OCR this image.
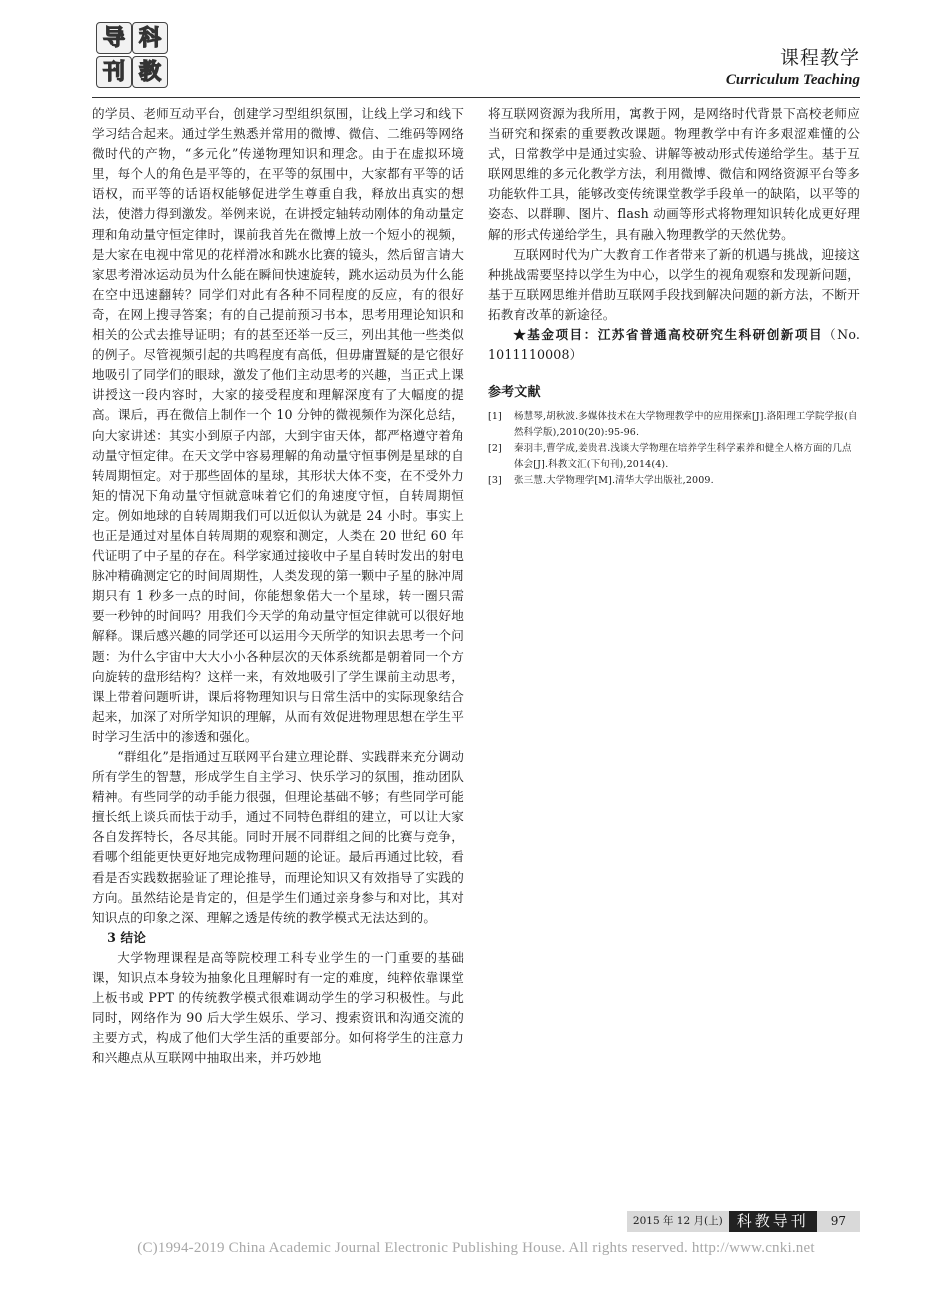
导 科
刊 教
课程教学
Curriculum Teaching

的学员、老师互动平台，创建学习型组织氛围，让线上学习和线下学习结合起来。通过学生熟悉并常用的微博、微信、二维码等网络微时代的产物，“多元化”传递物理知识和理念。由于在虚拟环境里，每个人的角色是平等的，在平等的氛围中，大家都有平等的话语权，而平等的话语权能够促进学生尊重自我，释放出真实的想法，使潜力得到激发。举例来说，在讲授定轴转动刚体的角动量定理和角动量守恒定律时，课前我首先在微博上放一个短小的视频，是大家在电视中常见的花样滑冰和跳水比赛的镜头，然后留言请大家思考滑冰运动员为什么能在瞬间快速旋转，跳水运动员为什么能在空中迅速翻转？同学们对此有各种不同程度的反应，有的很好奇，在网上搜寻答案；有的自己提前预习书本，思考用理论知识和相关的公式去推导证明；有的甚至还举一反三，列出其他一些类似的例子。尽管视频引起的共鸣程度有高低，但毋庸置疑的是它很好地吸引了同学们的眼球，激发了他们主动思考的兴趣，当正式上课讲授这一段内容时，大家的接受程度和理解深度有了大幅度的提高。课后，再在微信上制作一个 10 分钟的微视频作为深化总结，向大家讲述：其实小到原子内部，大到宇宙天体，都严格遵守着角动量守恒定律。在天文学中容易理解的角动量守恒事例是星球的自转周期恒定。对于那些固体的星球，其形状大体不变，在不受外力矩的情况下角动量守恒就意味着它们的角速度守恒，自转周期恒定。例如地球的自转周期我们可以近似认为就是 24 小时。事实上也正是通过对星体自转周期的观察和测定，人类在 20 世纪 60 年代证明了中子星的存在。科学家通过接收中子星自转时发出的射电脉冲精确测定它的时间周期性，人类发现的第一颗中子星的脉冲周期只有 1 秒多一点的时间，你能想象偌大一个星球，转一圈只需要一秒钟的时间吗？用我们今天学的角动量守恒定律就可以很好地解释。课后感兴趣的同学还可以运用今天所学的知识去思考一个问题：为什么宇宙中大大小小各种层次的天体系统都是朝着同一个方向旋转的盘形结构？这样一来，有效地吸引了学生课前主动思考，课上带着问题听讲，课后将物理知识与日常生活中的实际现象结合起来，加深了对所学知识的理解，从而有效促进物理思想在学生平时学习生活中的渗透和强化。

“群组化”是指通过互联网平台建立理论群、实践群来充分调动所有学生的智慧，形成学生自主学习、快乐学习的氛围，推动团队精神。有些同学的动手能力很强，但理论基础不够；有些同学可能擅长纸上谈兵而怯于动手，通过不同特色群组的建立，可以让大家各自发挥特长，各尽其能。同时开展不同群组之间的比赛与竞争，看哪个组能更快更好地完成物理问题的论证。最后再通过比较，看看是否实践数据验证了理论推导，而理论知识又有效指导了实践的方向。虽然结论是肯定的，但是学生们通过亲身参与和对比，其对知识点的印象之深、理解之透是传统的教学模式无法达到的。

3 结论

大学物理课程是高等院校理工科专业学生的一门重要的基础课，知识点本身较为抽象化且理解时有一定的难度，纯粹依靠课堂上板书或 PPT 的传统教学模式很难调动学生的学习积极性。与此同时，网络作为 90 后大学生娱乐、学习、搜索资讯和沟通交流的主要方式，构成了他们大学生活的重要部分。如何将学生的注意力和兴趣点从互联网中抽取出来，并巧妙地

将互联网资源为我所用，寓教于网，是网络时代背景下高校老师应当研究和探索的重要教改课题。物理教学中有许多艰涩难懂的公式，日常教学中是通过实验、讲解等被动形式传递给学生。基于互联网思维的多元化教学方法，利用微博、微信和网络资源平台等多功能软件工具，能够改变传统课堂教学手段单一的缺陷，以平等的姿态、以群聊、图片、flash 动画等形式将物理知识转化成更好理解的形式传递给学生，具有融入物理教学的天然优势。

互联网时代为广大教育工作者带来了新的机遇与挑战，迎接这种挑战需要坚持以学生为中心，以学生的视角观察和发现新问题，基于互联网思维并借助互联网手段找到解决问题的新方法，不断开拓教育改革的新途径。

★基金项目：江苏省普通高校研究生科研创新项目（No. 1011110008）

参考文献

[1] 杨慧琴,胡秋波.多媒体技术在大学物理教学中的应用探索[J].洛阳理工学院学报(自然科学版),2010(20):95-96.

[2] 秦羽丰,曹学成,姜贵君.浅谈大学物理在培养学生科学素养和健全人格方面的几点体会[J].科教文汇(下旬刊),2014(4).

[3] 张三慧.大学物理学[M].清华大学出版社,2009.

2015 年 12 月(上) 科教导刊	97
(C)1994-2019 China Academic Journal Electronic Publishing House. All rights reserved. http://www.cnki.net
